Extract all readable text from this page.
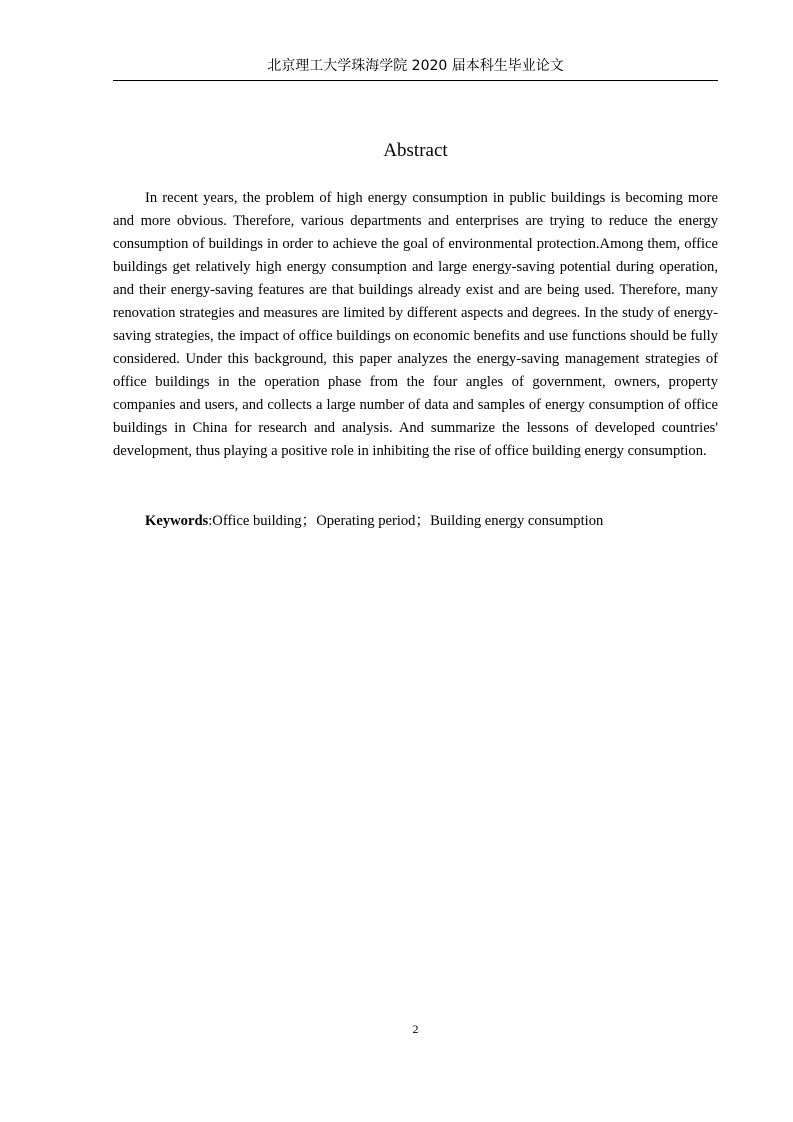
北京理工大学珠海学院 2020 届本科生毕业论文
Abstract

In recent years, the problem of high energy consumption in public buildings is becoming more and more obvious. Therefore, various departments and enterprises are trying to reduce the energy consumption of buildings in order to achieve the goal of environmental protection.Among them, office buildings get relatively high energy consumption and large energy-saving potential during operation, and their energy-saving features are that buildings already exist and are being used. Therefore, many renovation strategies and measures are limited by different aspects and degrees. In the study of energy-saving strategies, the impact of office buildings on economic benefits and use functions should be fully considered. Under this background, this paper analyzes the energy-saving management strategies of office buildings in the operation phase from the four angles of government, owners, property companies and users, and collects a large number of data and samples of energy consumption of office buildings in China for research and analysis. And summarize the lessons of developed countries' development, thus playing a positive role in inhibiting the rise of office building energy consumption.

Keywords:Office building；Operating period；Building energy consumption

2
